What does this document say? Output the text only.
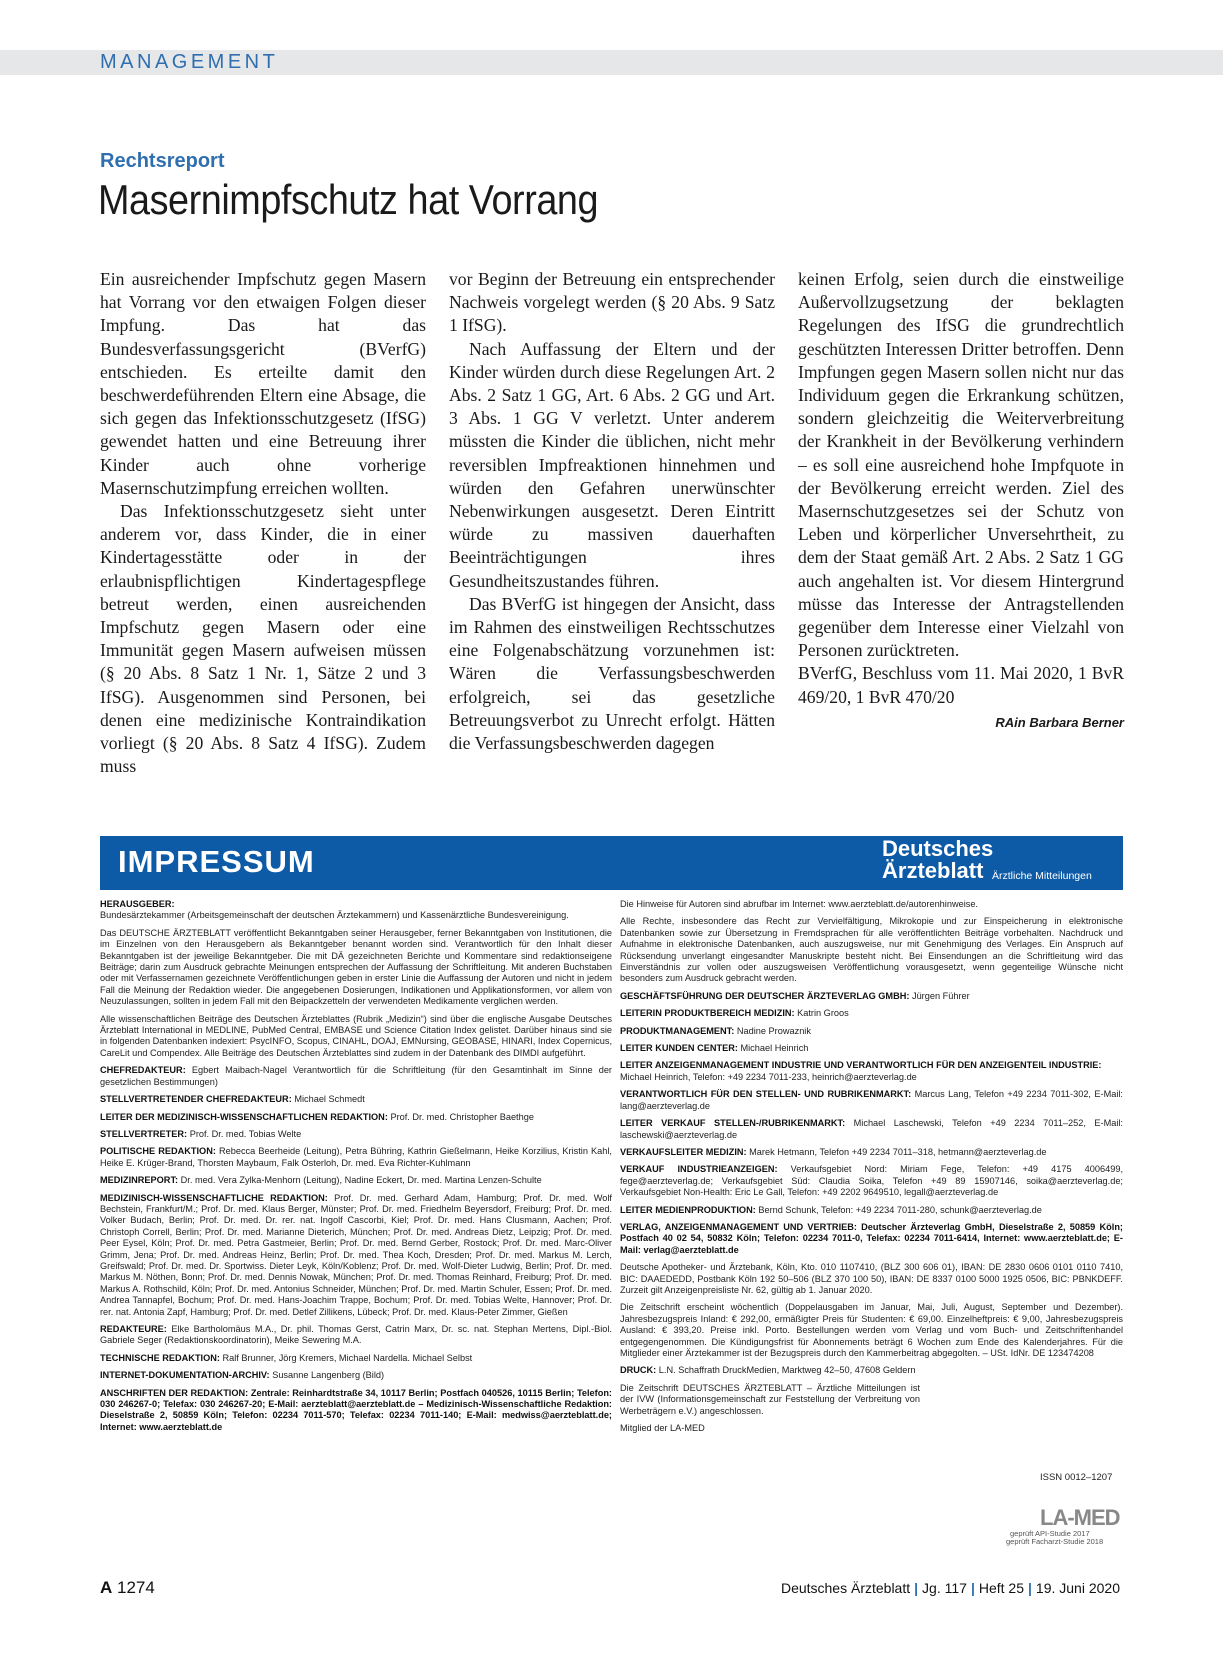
MANAGEMENT
Rechtsreport
Masernimpfschutz hat Vorrang

Ein ausreichender Impfschutz gegen Masern hat Vorrang vor den etwaigen Folgen dieser Impfung. Das hat das Bundesverfassungsgericht (BVerfG) entschieden. Es erteilte damit den beschwerdeführenden Eltern eine Absage, die sich gegen das Infektionsschutzgesetz (IfSG) gewendet hatten und eine Betreuung ihrer Kinder auch ohne vorherige Masernschutzimpfung erreichen wollten.

Das Infektionsschutzgesetz sieht unter anderem vor, dass Kinder, die in einer Kindertagesstätte oder in der erlaubnispflichtigen Kindertagespflege betreut werden, einen ausreichenden Impfschutz gegen Masern oder eine Immunität gegen Masern aufweisen müssen (§ 20 Abs. 8 Satz 1 Nr. 1, Sätze 2 und 3 IfSG). Ausgenommen sind Personen, bei denen eine medizinische Kontraindikation vorliegt (§ 20 Abs. 8 Satz 4 IfSG). Zudem muss

vor Beginn der Betreuung ein entsprechender Nachweis vorgelegt werden (§ 20 Abs. 9 Satz 1 IfSG).

Nach Auffassung der Eltern und der Kinder würden durch diese Regelungen Art. 2 Abs. 2 Satz 1 GG, Art. 6 Abs. 2 GG und Art. 3 Abs. 1 GG V verletzt. Unter anderem müssten die Kinder die üblichen, nicht mehr reversiblen Impfreaktionen hinnehmen und würden den Gefahren unerwünschter Nebenwirkungen ausgesetzt. Deren Eintritt würde zu massiven dauerhaften Beeinträchtigungen ihres Gesundheitszustandes führen.

Das BVerfG ist hingegen der Ansicht, dass im Rahmen des einstweiligen Rechtsschutzes eine Folgenabschätzung vorzunehmen ist: Wären die Verfassungsbeschwerden erfolgreich, sei das gesetzliche Betreuungsverbot zu Unrecht erfolgt. Hätten die Verfassungsbeschwerden dagegen

keinen Erfolg, seien durch die einstweilige Außervollzugsetzung der beklagten Regelungen des IfSG die grundrechtlich geschützten Interessen Dritter betroffen. Denn Impfungen gegen Masern sollen nicht nur das Individuum gegen die Erkrankung schützen, sondern gleichzeitig die Weiterverbreitung der Krankheit in der Bevölkerung verhindern – es soll eine ausreichend hohe Impfquote in der Bevölkerung erreicht werden. Ziel des Masernschutzgesetzes sei der Schutz von Leben und körperlicher Unversehrtheit, zu dem der Staat gemäß Art. 2 Abs. 2 Satz 1 GG auch angehalten ist. Vor diesem Hintergrund müsse das Interesse der Antragstellenden gegenüber dem Interesse einer Vielzahl von Personen zurücktreten.

BVerfG, Beschluss vom 11. Mai 2020, 1 BvR 469/20, 1 BvR 470/20

RAin Barbara Berner
IMPRESSUM	Deutsches
Ärzteblatt Ärztliche Mitteilungen

HERAUSGEBER:
Bundesärztekammer (Arbeitsgemeinschaft der deutschen Ärztekammern) und Kassenärztliche Bundesvereinigung.

Das DEUTSCHE ÄRZTEBLATT veröffentlicht Bekanntgaben seiner Herausgeber, ferner Bekanntgaben von Institutionen, die im Einzelnen von den Herausgebern als Bekanntgeber benannt worden sind. Verantwortlich für den Inhalt dieser Bekanntgaben ist der jeweilige Bekanntgeber. Die mit DÄ gezeichneten Berichte und Kommentare sind redaktionseigene Beiträge; darin zum Ausdruck gebrachte Meinungen entsprechen der Auffassung der Schriftleitung. Mit anderen Buchstaben oder mit Verfassernamen gezeichnete Veröffentlichungen geben in erster Linie die Auffassung der Autoren und nicht in jedem Fall die Meinung der Redaktion wieder. Die angegebenen Dosierungen, Indikationen und Applikationsformen, vor allem von Neuzulassungen, sollten in jedem Fall mit den Beipackzetteln der verwendeten Medikamente verglichen werden.

Alle wissenschaftlichen Beiträge des Deutschen Ärzteblattes (Rubrik „Medizin“) sind über die englische Ausgabe Deutsches Ärzteblatt International in MEDLINE, PubMed Central, EMBASE und Science Citation Index gelistet. Darüber hinaus sind sie in folgenden Datenbanken indexiert: PsycINFO, Scopus, CINAHL, DOAJ, EMNursing, GEOBASE, HINARI, Index Copernicus, CareLit und Compendex. Alle Beiträge des Deutschen Ärzteblattes sind zudem in der Datenbank des DIMDI aufgeführt.

CHEFREDAKTEUR: Egbert Maibach-Nagel Verantwortlich für die Schriftleitung (für den Gesamtinhalt im Sinne der gesetzlichen Bestimmungen)

STELLVERTRETENDER CHEFREDAKTEUR: Michael Schmedt

LEITER DER MEDIZINISCH-WISSENSCHAFTLICHEN REDAKTION: Prof. Dr. med. Christopher Baethge

STELLVERTRETER: Prof. Dr. med. Tobias Welte

POLITISCHE REDAKTION: Rebecca Beerheide (Leitung), Petra Bühring, Kathrin Gießelmann, Heike Korzilius, Kristin Kahl, Heike E. Krüger-Brand, Thorsten Maybaum, Falk Osterloh, Dr. med. Eva Richter-Kuhlmann

MEDIZINREPORT: Dr. med. Vera Zylka-Menhorn (Leitung), Nadine Eckert, Dr. med. Martina Lenzen-Schulte

MEDIZINISCH-WISSENSCHAFTLICHE REDAKTION: Prof. Dr. med. Gerhard Adam, Hamburg; Prof. Dr. med. Wolf Bechstein, Frankfurt/M.; Prof. Dr. med. Klaus Berger, Münster; Prof. Dr. med. Friedhelm Beyersdorf, Freiburg; Prof. Dr. med. Volker Budach, Berlin; Prof. Dr. med. Dr. rer. nat. Ingolf Cascorbi, Kiel; Prof. Dr. med. Hans Clusmann, Aachen; Prof. Christoph Correll, Berlin; Prof. Dr. med. Marianne Dieterich, München; Prof. Dr. med. Andreas Dietz, Leipzig; Prof. Dr. med. Peer Eysel, Köln; Prof. Dr. med. Petra Gastmeier, Berlin; Prof. Dr. med. Bernd Gerber, Rostock; Prof. Dr. med. Marc-Oliver Grimm, Jena; Prof. Dr. med. Andreas Heinz, Berlin; Prof. Dr. med. Thea Koch, Dresden; Prof. Dr. med. Markus M. Lerch, Greifswald; Prof. Dr. med. Dr. Sportwiss. Dieter Leyk, Köln/Koblenz; Prof. Dr. med. Wolf-Dieter Ludwig, Berlin; Prof. Dr. med. Markus M. Nöthen, Bonn; Prof. Dr. med. Dennis Nowak, München; Prof. Dr. med. Thomas Reinhard, Freiburg; Prof. Dr. med. Markus A. Rothschild, Köln; Prof. Dr. med. Antonius Schneider, München; Prof. Dr. med. Martin Schuler, Essen; Prof. Dr. med. Andrea Tannapfel, Bochum; Prof. Dr. med. Hans-Joachim Trappe, Bochum; Prof. Dr. med. Tobias Welte, Hannover; Prof. Dr. rer. nat. Antonia Zapf, Hamburg; Prof. Dr. med. Detlef Zillikens, Lübeck; Prof. Dr. med. Klaus-Peter Zimmer, Gießen

REDAKTEURE: Elke Bartholomäus M.A., Dr. phil. Thomas Gerst, Catrin Marx, Dr. sc. nat. Stephan Mertens, Dipl.-Biol. Gabriele Seger (Redaktionskoordinatorin), Meike Sewering M.A.

TECHNISCHE REDAKTION: Ralf Brunner, Jörg Kremers, Michael Nardella. Michael Selbst

INTERNET-DOKUMENTATION-ARCHIV: Susanne Langenberg (Bild)

ANSCHRIFTEN DER REDAKTION: Zentrale: Reinhardtstraße 34, 10117 Berlin; Postfach 040526, 10115 Berlin; Telefon: 030 246267-0; Telefax: 030 246267-20; E-Mail: aerzteblatt@aerzteblatt.de – Medizinisch-Wissenschaftliche Redaktion: Dieselstraße 2, 50859 Köln; Telefon: 02234 7011-570; Telefax: 02234 7011-140; E-Mail: medwiss@aerzteblatt.de; Internet: www.aerzteblatt.de

Die Hinweise für Autoren sind abrufbar im Internet: www.aerzteblatt.de/autorenhinweise.

Alle Rechte, insbesondere das Recht zur Vervielfältigung, Mikrokopie und zur Einspeicherung in elektronische Datenbanken sowie zur Übersetzung in Fremdsprachen für alle veröffentlichten Beiträge vorbehalten. Nachdruck und Aufnahme in elektronische Datenbanken, auch auszugsweise, nur mit Genehmigung des Verlages. Ein Anspruch auf Rücksendung unverlangt eingesandter Manuskripte besteht nicht. Bei Einsendungen an die Schriftleitung wird das Einverständnis zur vollen oder auszugsweisen Veröffentlichung vorausgesetzt, wenn gegenteilige Wünsche nicht besonders zum Ausdruck gebracht werden.

GESCHÄFTSFÜHRUNG DER DEUTSCHER ÄRZTEVERLAG GMBH: Jürgen Führer

LEITERIN PRODUKTBEREICH MEDIZIN: Katrin Groos

PRODUKTMANAGEMENT: Nadine Prowaznik

LEITER KUNDEN CENTER: Michael Heinrich

LEITER ANZEIGENMANAGEMENT INDUSTRIE UND VERANTWORTLICH FÜR DEN ANZEIGENTEIL INDUSTRIE:
Michael Heinrich, Telefon: +49 2234 7011-233, heinrich@aerzteverlag.de

VERANTWORTLICH FÜR DEN STELLEN- UND RUBRIKENMARKT: Marcus Lang, Telefon +49 2234 7011-302, E-Mail: lang@aerzteverlag.de

LEITER VERKAUF STELLEN-/RUBRIKENMARKT: Michael Laschewski, Telefon +49 2234 7011–252, E-Mail: laschewski@aerzteverlag.de

VERKAUFSLEITER MEDIZIN: Marek Hetmann, Telefon +49 2234 7011–318, hetmann@aerzteverlag.de

VERKAUF INDUSTRIEANZEIGEN: Verkaufsgebiet Nord: Miriam Fege, Telefon: +49 4175 4006499, fege@aerzteverlag.de; Verkaufsgebiet Süd: Claudia Soika, Telefon +49 89 15907146, soika@aerzteverlag.de; Verkaufsgebiet Non-Health: Eric Le Gall, Telefon: +49 2202 9649510, legall@aerzteverlag.de

LEITER MEDIENPRODUKTION: Bernd Schunk, Telefon: +49 2234 7011-280, schunk@aerzteverlag.de

VERLAG, ANZEIGENMANAGEMENT UND VERTRIEB: Deutscher Ärzteverlag GmbH, Dieselstraße 2, 50859 Köln; Postfach 40 02 54, 50832 Köln; Telefon: 02234 7011-0, Telefax: 02234 7011-6414, Internet: www.aerzteblatt.de; E-Mail: verlag@aerzteblatt.de

Deutsche Apotheker- und Ärztebank, Köln, Kto. 010 1107410, (BLZ 300 606 01), IBAN: DE 2830 0606 0101 0110 7410, BIC: DAAEDEDD, Postbank Köln 192 50–506 (BLZ 370 100 50), IBAN: DE 8337 0100 5000 1925 0506, BIC: PBNKDEFF. Zurzeit gilt Anzeigenpreisliste Nr. 62, gültig ab 1. Januar 2020.

Die Zeitschrift erscheint wöchentlich (Doppelausgaben im Januar, Mai, Juli, August, September und Dezember). Jahresbezugspreis Inland: € 292,00, ermäßigter Preis für Studenten: € 69,00. Einzelheftpreis: € 9,00, Jahresbezugspreis Ausland: € 393,20. Preise inkl. Porto. Bestellungen werden vom Verlag und vom Buch- und Zeitschriftenhandel entgegengenommen. Die Kündigungsfrist für Abonnements beträgt 6 Wochen zum Ende des Kalenderjahres. Für die Mitglieder einer Ärztekammer ist der Bezugspreis durch den Kammerbeitrag abgegolten. – USt. IdNr. DE 123474208

DRUCK: L.N. Schaffrath DruckMedien, Marktweg 42–50, 47608 Geldern

Die Zeitschrift DEUTSCHES ÄRZTEBLATT – Ärztliche Mitteilungen ist der IVW (Informationsgemeinschaft zur Feststellung der Verbreitung von Werbeträgern e.V.) angeschlossen.

Mitglied der LA-MED

ISSN 0012–1207
LA-MED
geprüft API-Studie 2017
geprüft Facharzt-Studie 2018
A 1274	Deutsches Ärzteblatt | Jg. 117 | Heft 25 | 19. Juni 2020
